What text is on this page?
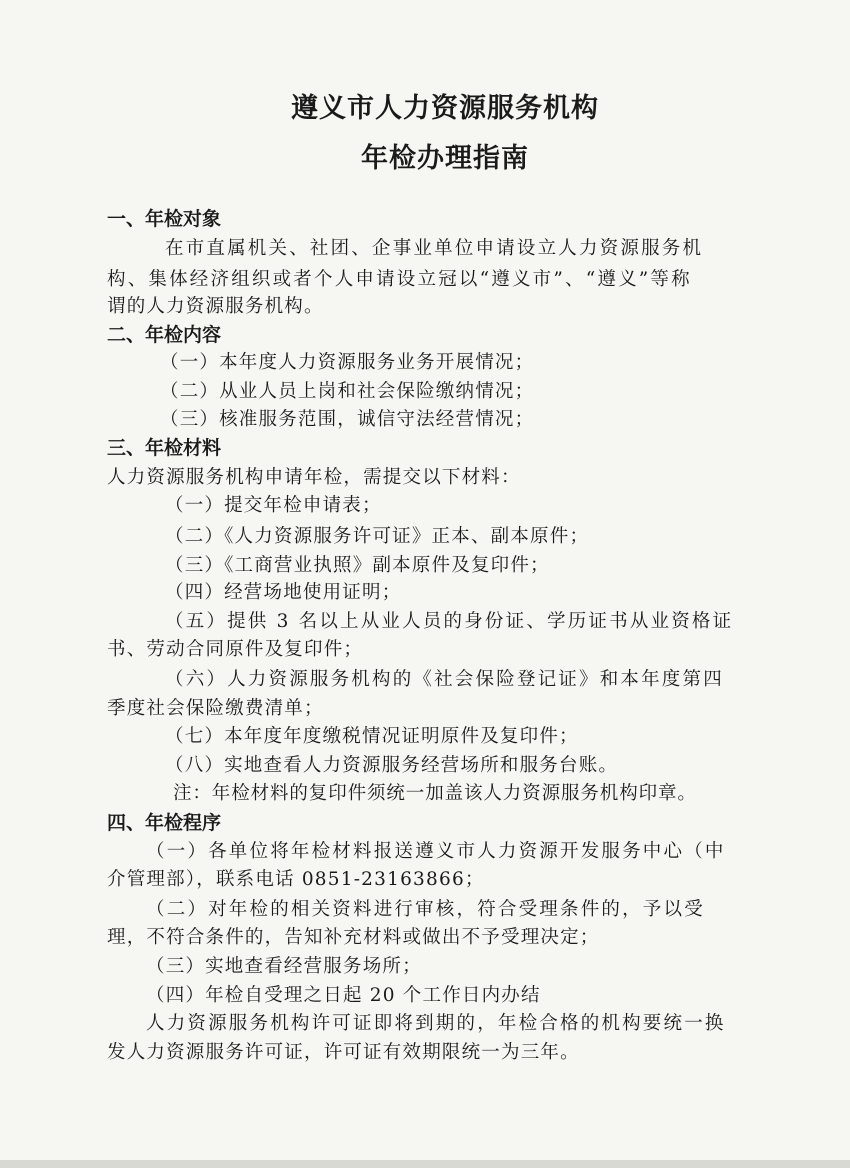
遵义市人力资源服务机构
年检办理指南

一、年检对象

在市直属机关、社团、企事业单位申请设立人力资源服务机

构、集体经济组织或者个人申请设立冠以“遵义市”、“遵义”等称

谓的人力资源服务机构。

二、年检内容

（一）本年度人力资源服务业务开展情况；

（二）从业人员上岗和社会保险缴纳情况；

（三）核准服务范围，诚信守法经营情况；

三、年检材料

人力资源服务机构申请年检，需提交以下材料：

（一）提交年检申请表；

（二）《人力资源服务许可证》正本、副本原件；

（三）《工商营业执照》副本原件及复印件；

（四）经营场地使用证明；

（五）提供 3 名以上从业人员的身份证、学历证书从业资格证

书、劳动合同原件及复印件；

（六）人力资源服务机构的《社会保险登记证》和本年度第四

季度社会保险缴费清单；

（七）本年度年度缴税情况证明原件及复印件；

（八）实地查看人力资源服务经营场所和服务台账。

注：年检材料的复印件须统一加盖该人力资源服务机构印章。

四、年检程序

（一）各单位将年检材料报送遵义市人力资源开发服务中心（中

介管理部），联系电话 0851-23163866；

（二）对年检的相关资料进行审核，符合受理条件的，予以受

理，不符合条件的，告知补充材料或做出不予受理决定；

（三）实地查看经营服务场所；

（四）年检自受理之日起 20 个工作日内办结

人力资源服务机构许可证即将到期的，年检合格的机构要统一换

发人力资源服务许可证，许可证有效期限统一为三年。
